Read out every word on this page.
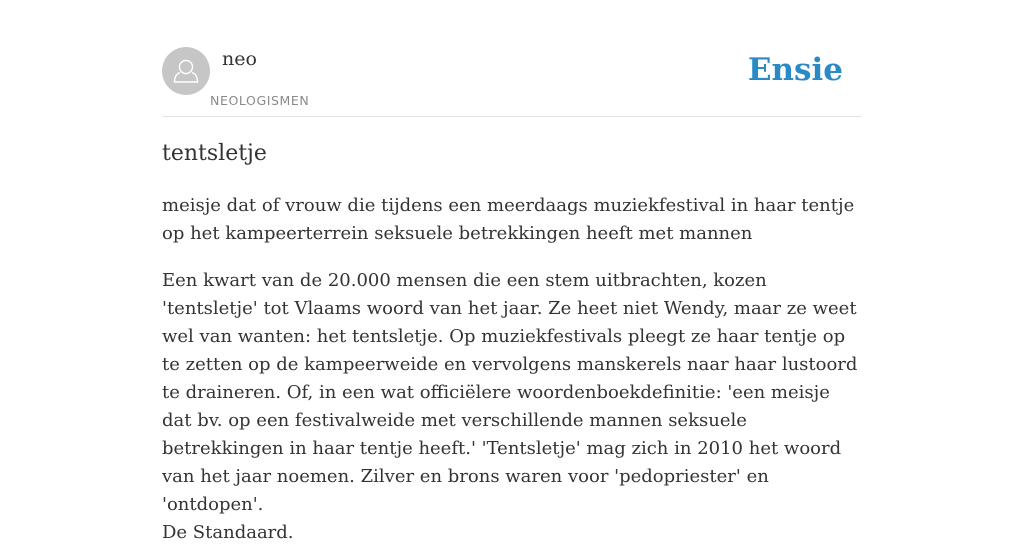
neo
NEOLOGISMEN
Ensie
tentsletje

meisje dat of vrouw die tijdens een meerdaags muziekfestival in haar tentje op het kampeerterrein seksuele betrekkingen heeft met mannen

Een kwart van de 20.000 mensen die een stem uitbrachten, kozen 'tentsletje' tot Vlaams woord van het jaar. Ze heet niet Wendy, maar ze weet wel van wanten: het tentsletje. Op muziekfestivals pleegt ze haar tentje op te zetten op de kampeerweide en vervolgens manskerels naar haar lustoord te draineren. Of, in een wat officiëlere woordenboekdefinitie: 'een meisje dat bv. op een festivalweide met verschillende mannen seksuele betrekkingen in haar tentje heeft.' 'Tentsletje' mag zich in 2010 het woord van het jaar noemen. Zilver en brons waren voor 'pedopriester' en 'ontdopen'.
De Standaard.
